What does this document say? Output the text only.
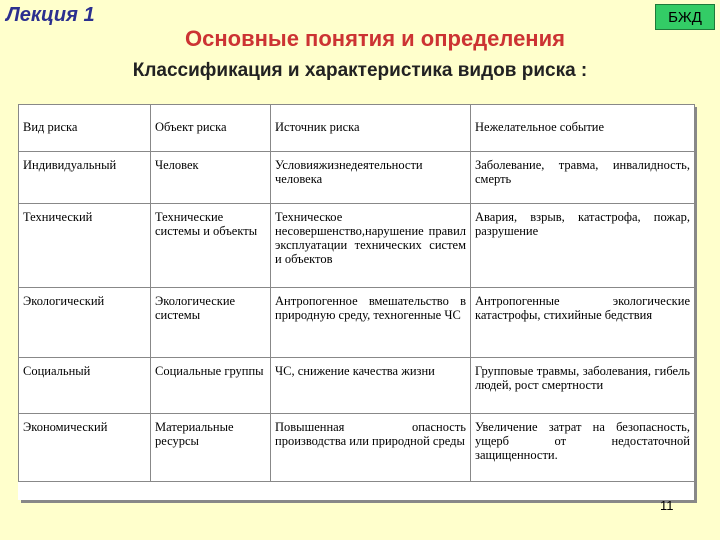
Лекция 1	БЖД
Основные понятия и определения
Классификация и характеристика видов риска :
Вид риска	Объект риска	Источник риска	Нежелательное событие
Индивидуальный	Человек	Условияжизнедеятельности человека	Заболевание, травма, инвалидность, смерть
Технический	Технические системы и объекты	Техническое несовершенство,нарушение правил эксплуатации технических систем и объектов	Авария, взрыв, катастрофа, пожар, разрушение
Экологический	Экологические системы	Антропогенное вмешательство в природную среду, техногенные ЧС	Антропогенные экологические катастрофы, стихийные бедствия
Социальный	Социальные группы	ЧС, снижение качества жизни	Групповые травмы, заболевания, гибель людей, рост смертности
Экономический	Материальные ресурсы	Повышенная опасность производства или природной среды	Увеличение затрат на безопасность, ущерб от недостаточной защищенности.
11
